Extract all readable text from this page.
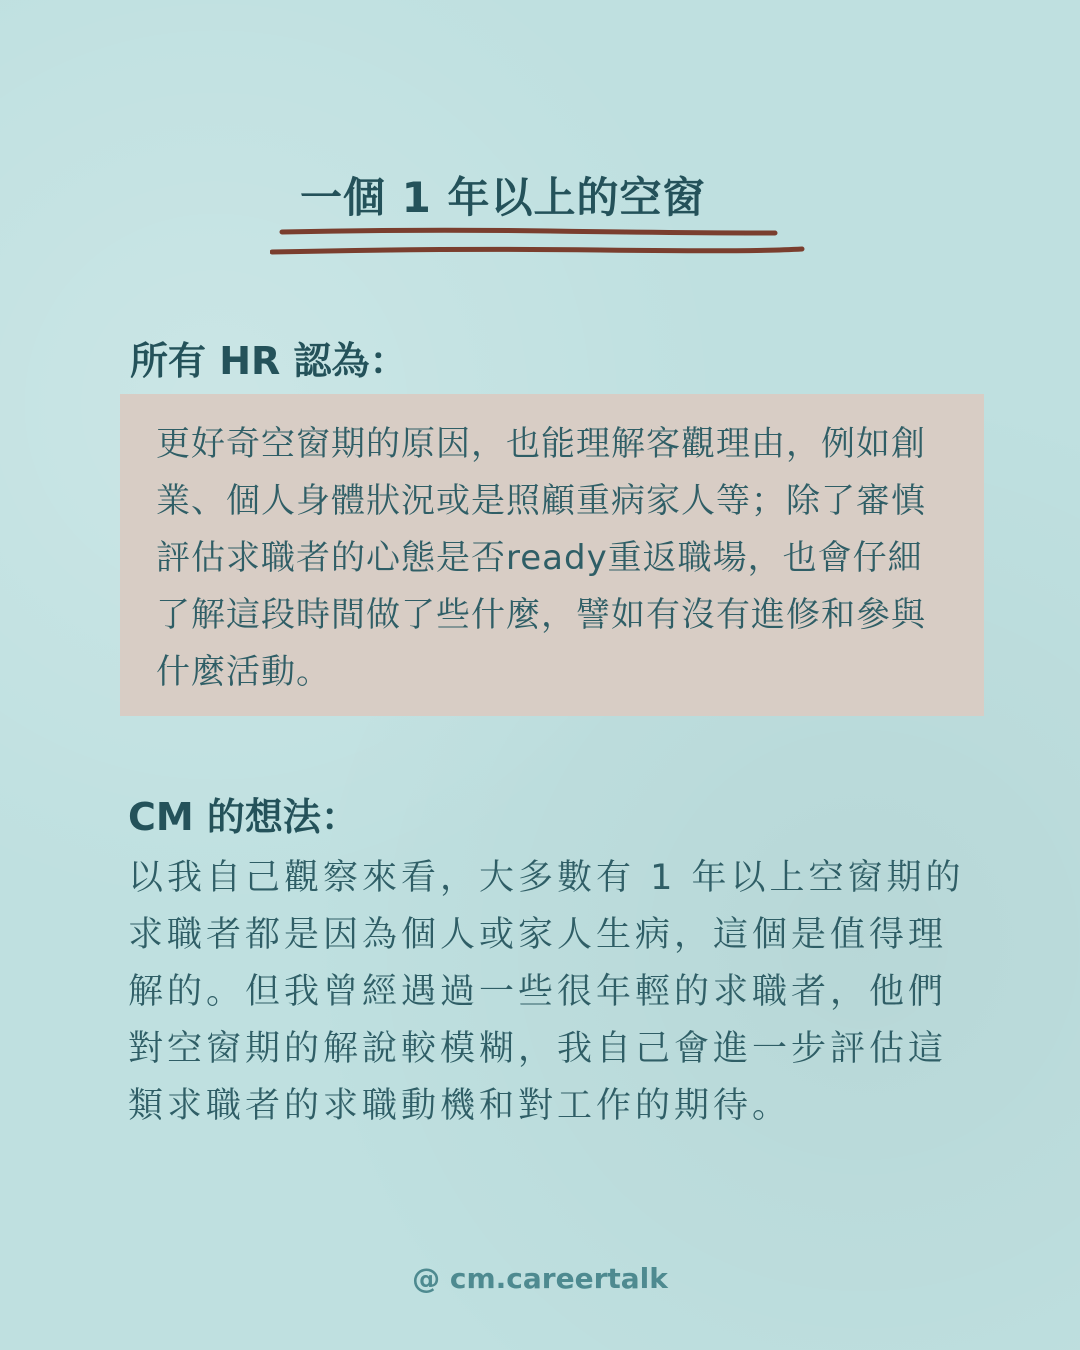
一個 1 年以上的空窗
所有 HR 認為：
更好奇空窗期的原因，也能理解客觀理由，例如創業、個人身體狀況或是照顧重病家人等；除了審慎評估求職者的心態是否ready重返職場，也會仔細了解這段時間做了些什麼，譬如有沒有進修和參與什麼活動。
CM 的想法：
以我自己觀察來看，大多數有 1 年以上空窗期的求職者都是因為個人或家人生病，這個是值得理解的。但我曾經遇過一些很年輕的求職者，他們對空窗期的解說較模糊，我自己會進一步評估這類求職者的求職動機和對工作的期待。
@ cm.careertalk
